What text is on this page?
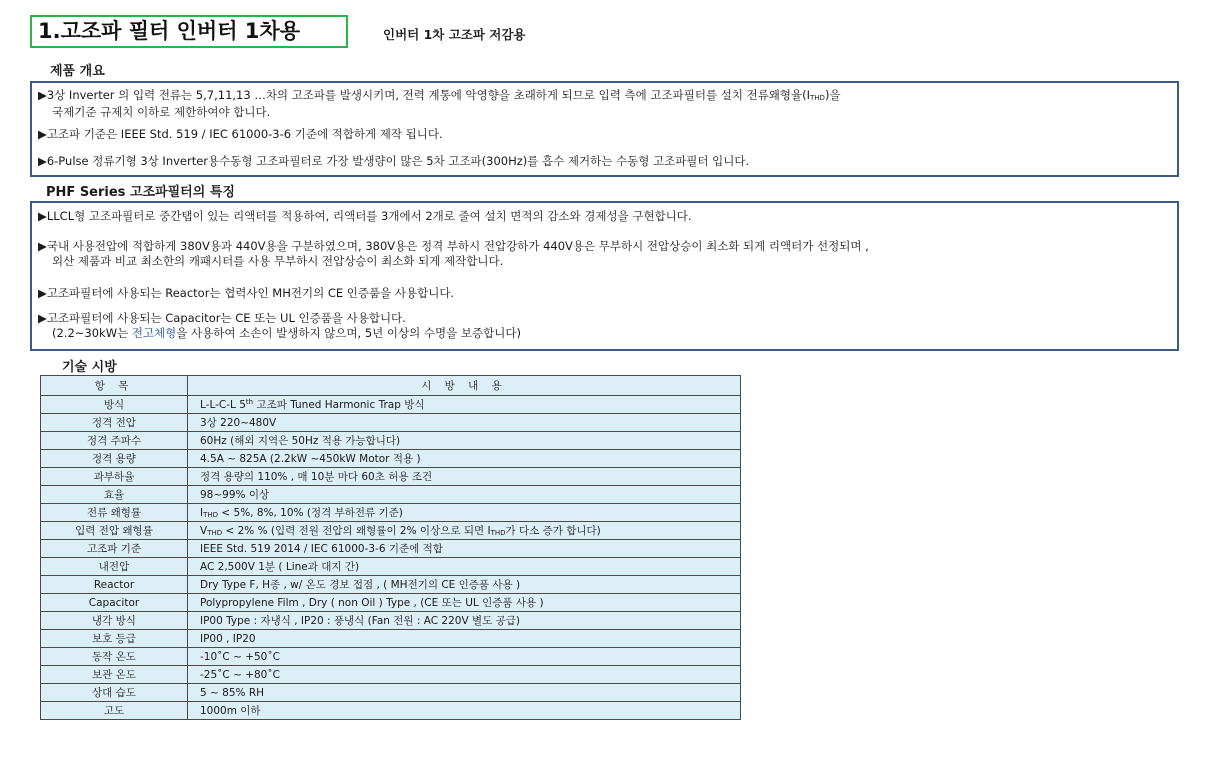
1.고조파 필터 인버터 1차용	인버터 1차 고조파 저감용
제품 개요
▶3상 Inverter 의 입력 전류는 5,7,11,13 …차의 고조파를 발생시키며, 전력 계통에 악영향을 초래하게 되므로 입력 측에 고조파필터를 설치 전류왜형율$(I_{THD})$을
국제기준 규제치 이하로 제한하여야 합니다.
▶고조파 기준은 IEEE Std. 519 / IEC 61000-3-6 기준에 적합하게 제작 됩니다.
▶6-Pulse 정류기형 3상 Inverter용수동형 고조파필터로 가장 발생량이 많은 5차 고조파(300Hz)를 흡수 제거하는 수동형 고조파필터 입니다.
PHF Series 고조파필터의 특징
▶LLCL형 고조파필터로 중간탭이 있는 리액터를 적용하여, 리액터를 3개에서 2개로 줄여 설치 면적의 감소와 경제성을 구현합니다.
▶국내 사용전압에 적합하게 380V용과 440V용을 구분하였으며, 380V용은 정격 부하시 전압강하가 440V용은 무부하시 전압상승이 최소화 되게 리액터가 선정되며 ,
외산 제품과 비교 최소한의 캐패시터를 사용 무부하시 전압상승이 최소화 되게 제작합니다.
▶고조파필터에 사용되는 Reactor는 협력사인 MH전기의 CE 인증품을 사용합니다.
▶고조파필터에 사용되는 Capacitor는 CE 또는 UL 인증품을 사용합니다.
(2.2~30kW는 전고체형을 사용하여 소손이 발생하지 않으며, 5년 이상의 수명을 보증합니다)
기술 시방
항 목	시 방 내 용
방식	L-L-C-L 5th 고조파 Tuned Harmonic Trap 방식
정격 전압	3상 220~480V
정격 주파수	60Hz (해외 지역은 50Hz 적용 가능합니다)
정격 용량	4.5A ~ 825A (2.2kW ~450kW Motor 적용 )
과부하율	정격 용량의 110% , 매 10분 마다 60초 허용 조건
효율	98~99% 이상
전류 왜형률	$I_{THD} < 5\%$, 8%, 10% (정격 부하전류 기준)
입력 전압 왜형률	$V_{THD} < 2\%$ % (입력 전원 전압의 왜형률이 2% 이상으로 되면 $I_{THD}$가 다소 증가 합니다)
고조파 기준	IEEE Std. 519 2014 / IEC 61000-3-6 기준에 적합
내전압	AC 2,500V 1분 ( Line과 대지 간)
Reactor	Dry Type F, H종 , w/ 온도 경보 접점 , ( MH전기의 CE 인증품 사용 )
Capacitor	Polypropylene Film , Dry ( non Oil ) Type , (CE 또는 UL 인증품 사용 )
냉각 방식	IP00 Type : 자냉식 , IP20 : 풍냉식 (Fan 전원 : AC 220V 별도 공급)
보호 등급	IP00 , IP20
동작 온도	-10˚C ~ +50˚C
보관 온도	-25˚C ~ +80˚C
상대 습도	5 ~ 85% RH
고도	1000m 이하
